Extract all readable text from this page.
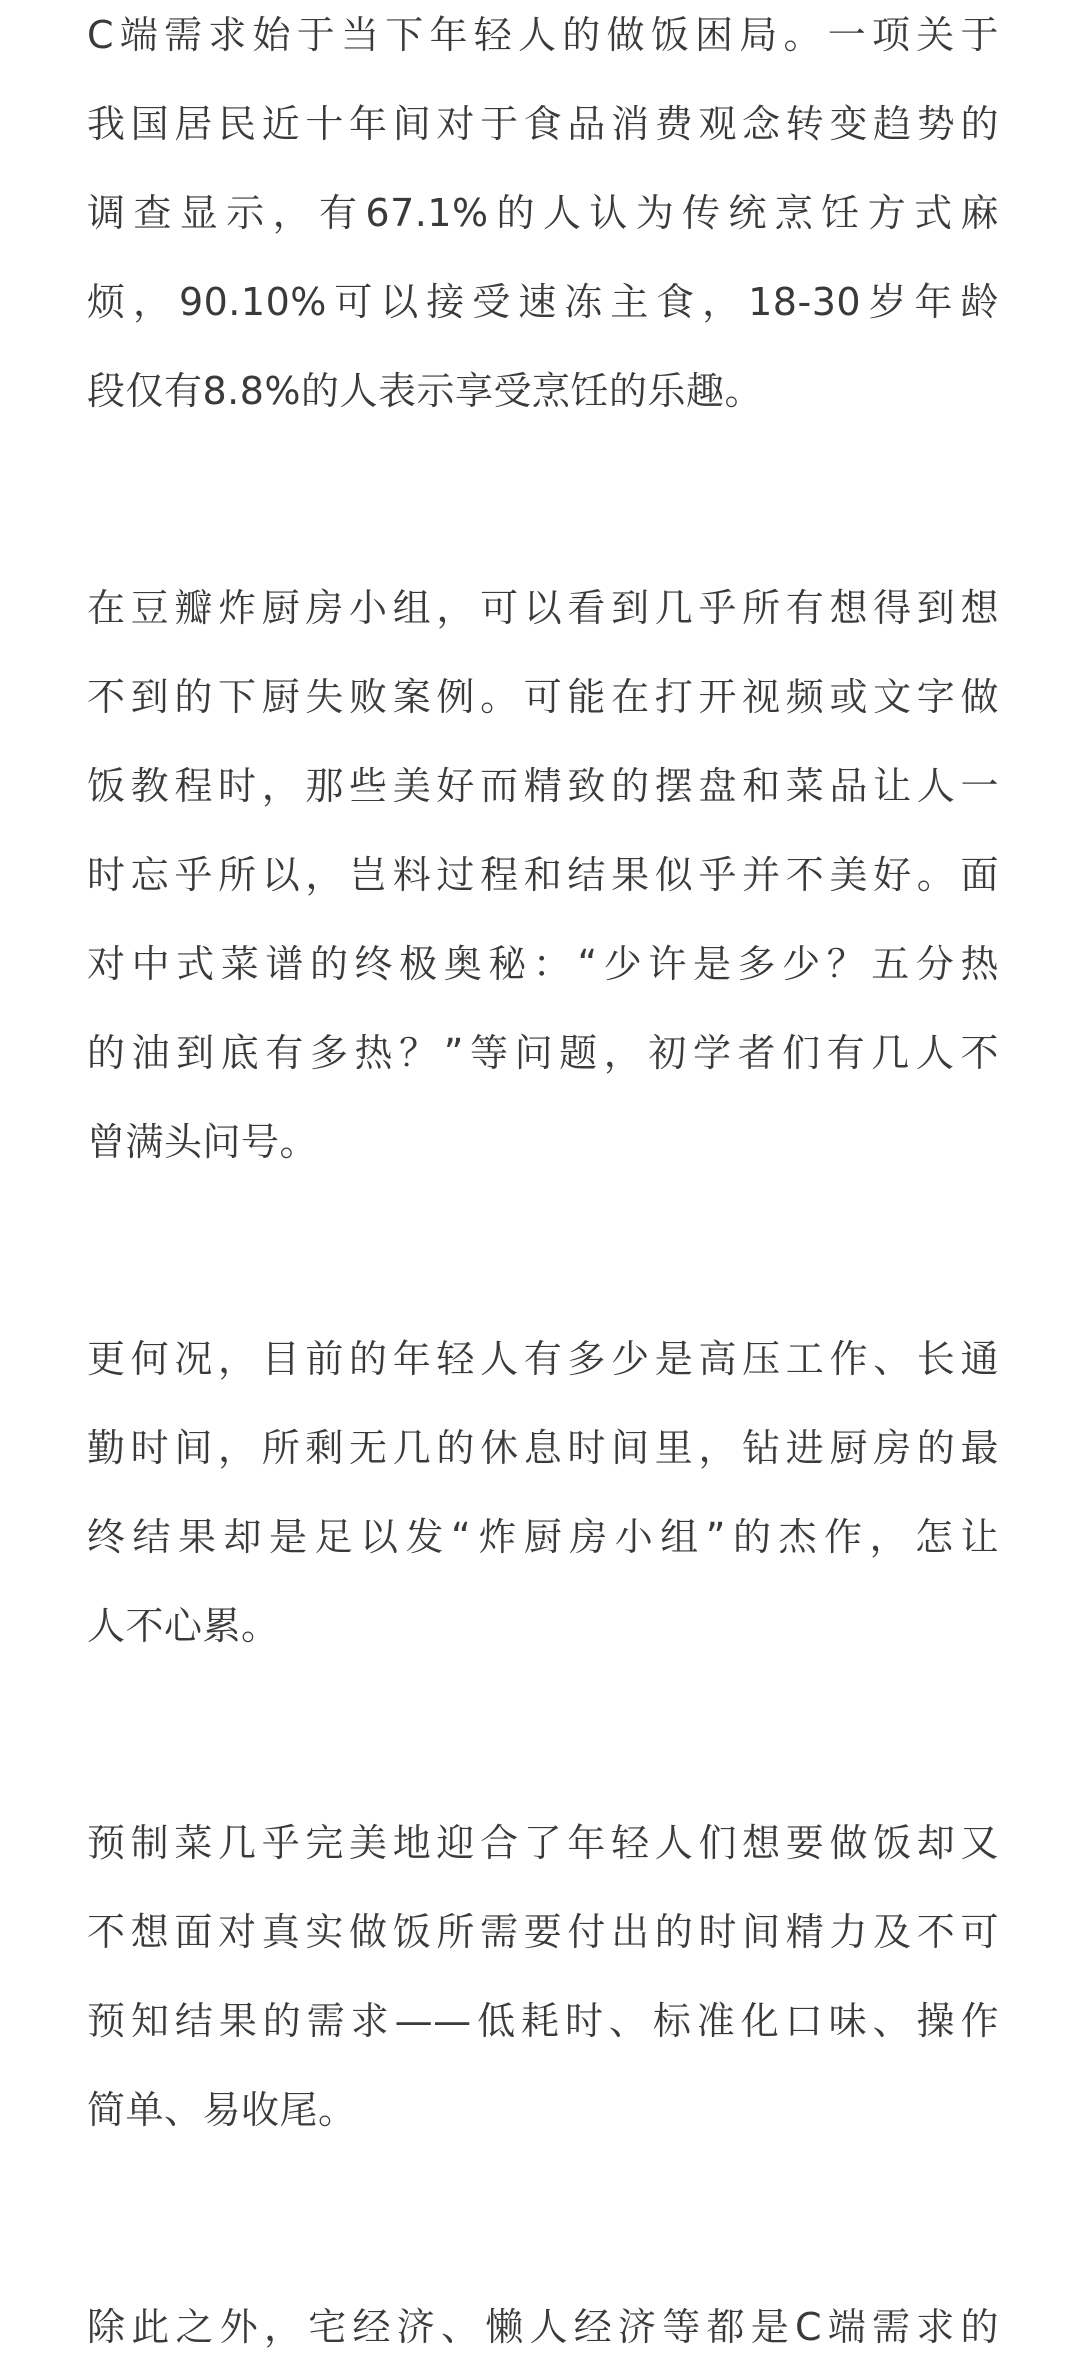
C端需求始于当下年轻人的做饭困局。一项关于
我国居民近十年间对于食品消费观念转变趋势的
调查显示，有67.1%的人认为传统烹饪方式麻
烦，90.10%可以接受速冻主食，18-30岁年龄
段仅有8.8%的人表示享受烹饪的乐趣。
在豆瓣炸厨房小组，可以看到几乎所有想得到想
不到的下厨失败案例。可能在打开视频或文字做
饭教程时，那些美好而精致的摆盘和菜品让人一
时忘乎所以，岂料过程和结果似乎并不美好。面
对中式菜谱的终极奥秘：“少许是多少？五分热
的油到底有多热？”等问题，初学者们有几人不
曾满头问号。
更何况，目前的年轻人有多少是高压工作、长通
勤时间，所剩无几的休息时间里，钻进厨房的最
终结果却是足以发“炸厨房小组”的杰作，怎让
人不心累。
预制菜几乎完美地迎合了年轻人们想要做饭却又
不想面对真实做饭所需要付出的时间精力及不可
预知结果的需求——低耗时、标准化口味、操作
简单、易收尾。
除此之外，宅经济、懒人经济等都是C端需求的
